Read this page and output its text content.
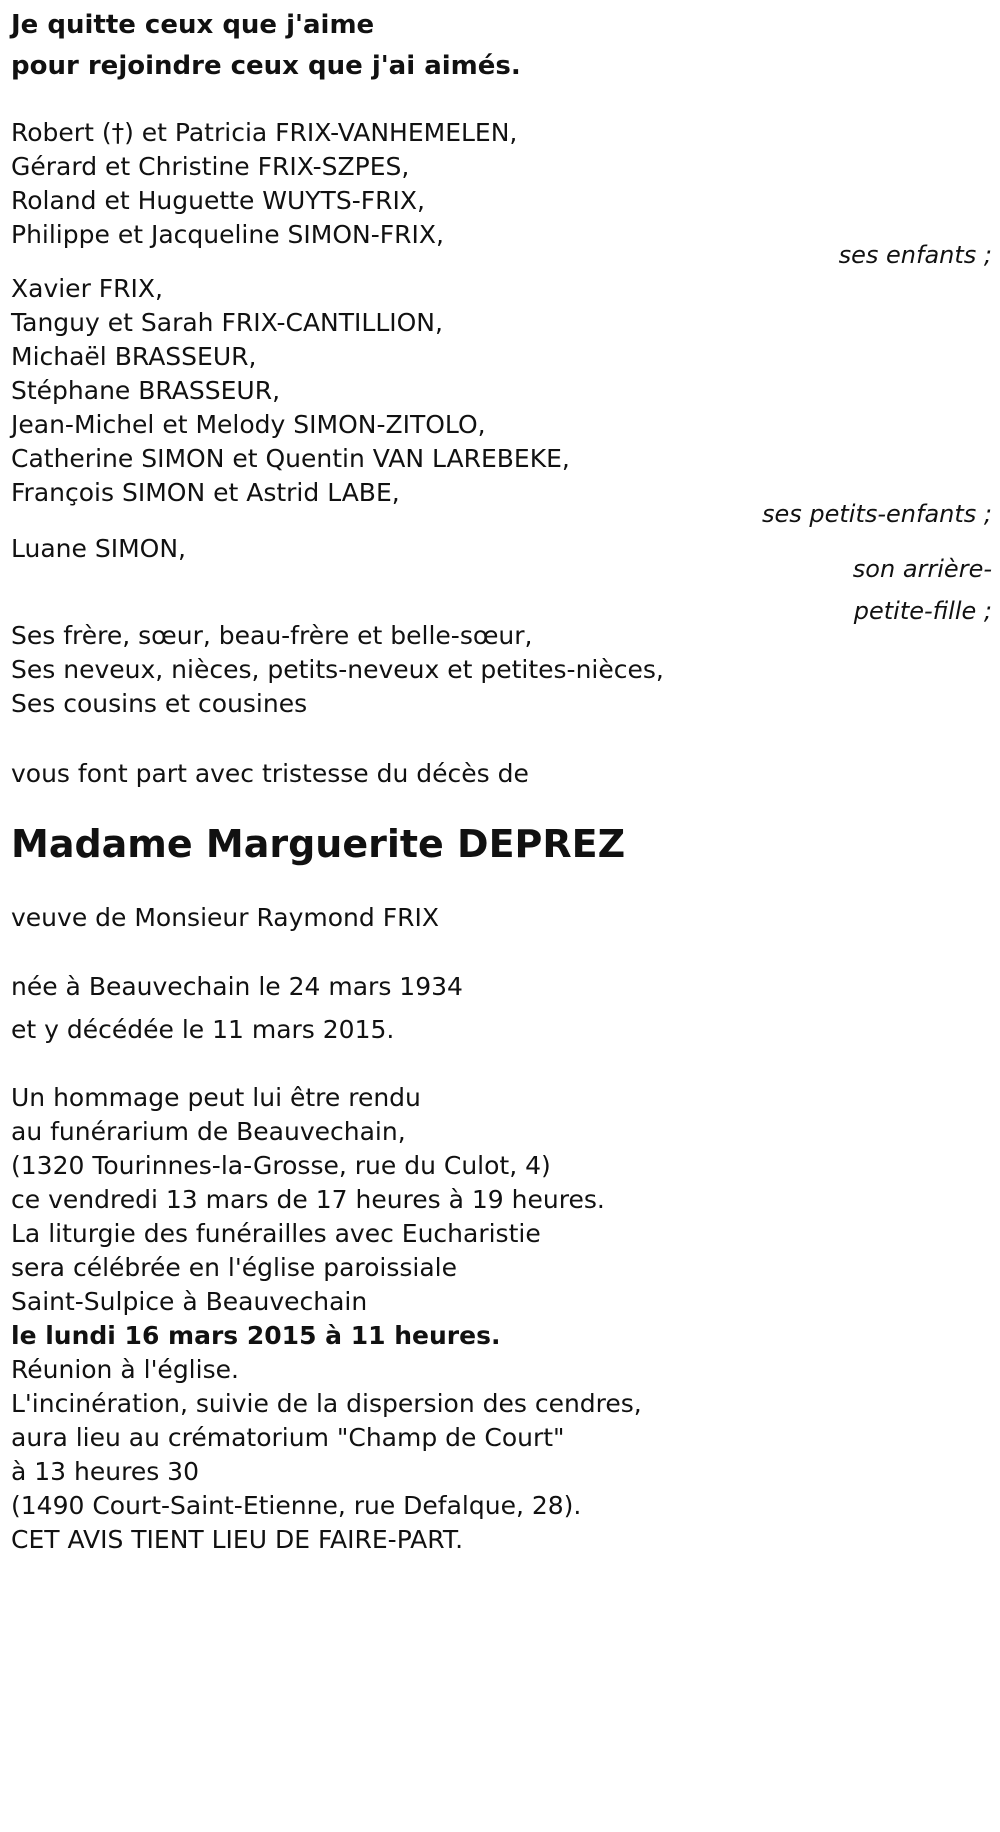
Je quitte ceux que j'aime
pour rejoindre ceux que j'ai aimés.
Robert (†) et Patricia FRIX-VANHEMELEN,
Gérard et Christine FRIX-SZPES,
Roland et Huguette WUYTS-FRIX,
Philippe et Jacqueline SIMON-FRIX,
ses enfants ;
Xavier FRIX,
Tanguy et Sarah FRIX-CANTILLION,
Michaël BRASSEUR,
Stéphane BRASSEUR,
Jean-Michel et Melody SIMON-ZITOLO,
Catherine SIMON et Quentin VAN LAREBEKE,
François SIMON et Astrid LABE,
ses petits-enfants ;
Luane SIMON,
son arrière-
petite-fille ;
Ses frère, sœur, beau-frère et belle-sœur,
Ses neveux, nièces, petits-neveux et petites-nièces,
Ses cousins et cousines
vous font part avec tristesse du décès de
Madame Marguerite DEPREZ
veuve de Monsieur Raymond FRIX
née à Beauvechain le 24 mars 1934
et y décédée le 11 mars 2015.
Un hommage peut lui être rendu
au funérarium de Beauvechain,
(1320 Tourinnes-la-Grosse, rue du Culot, 4)
ce vendredi 13 mars de 17 heures à 19 heures.
La liturgie des funérailles avec Eucharistie
sera célébrée en l'église paroissiale
Saint-Sulpice à Beauvechain
le lundi 16 mars 2015 à 11 heures.
Réunion à l'église.
L'incinération, suivie de la dispersion des cendres,
aura lieu au crématorium "Champ de Court"
à 13 heures 30
(1490 Court-Saint-Etienne, rue Defalque, 28).
CET AVIS TIENT LIEU DE FAIRE-PART.
